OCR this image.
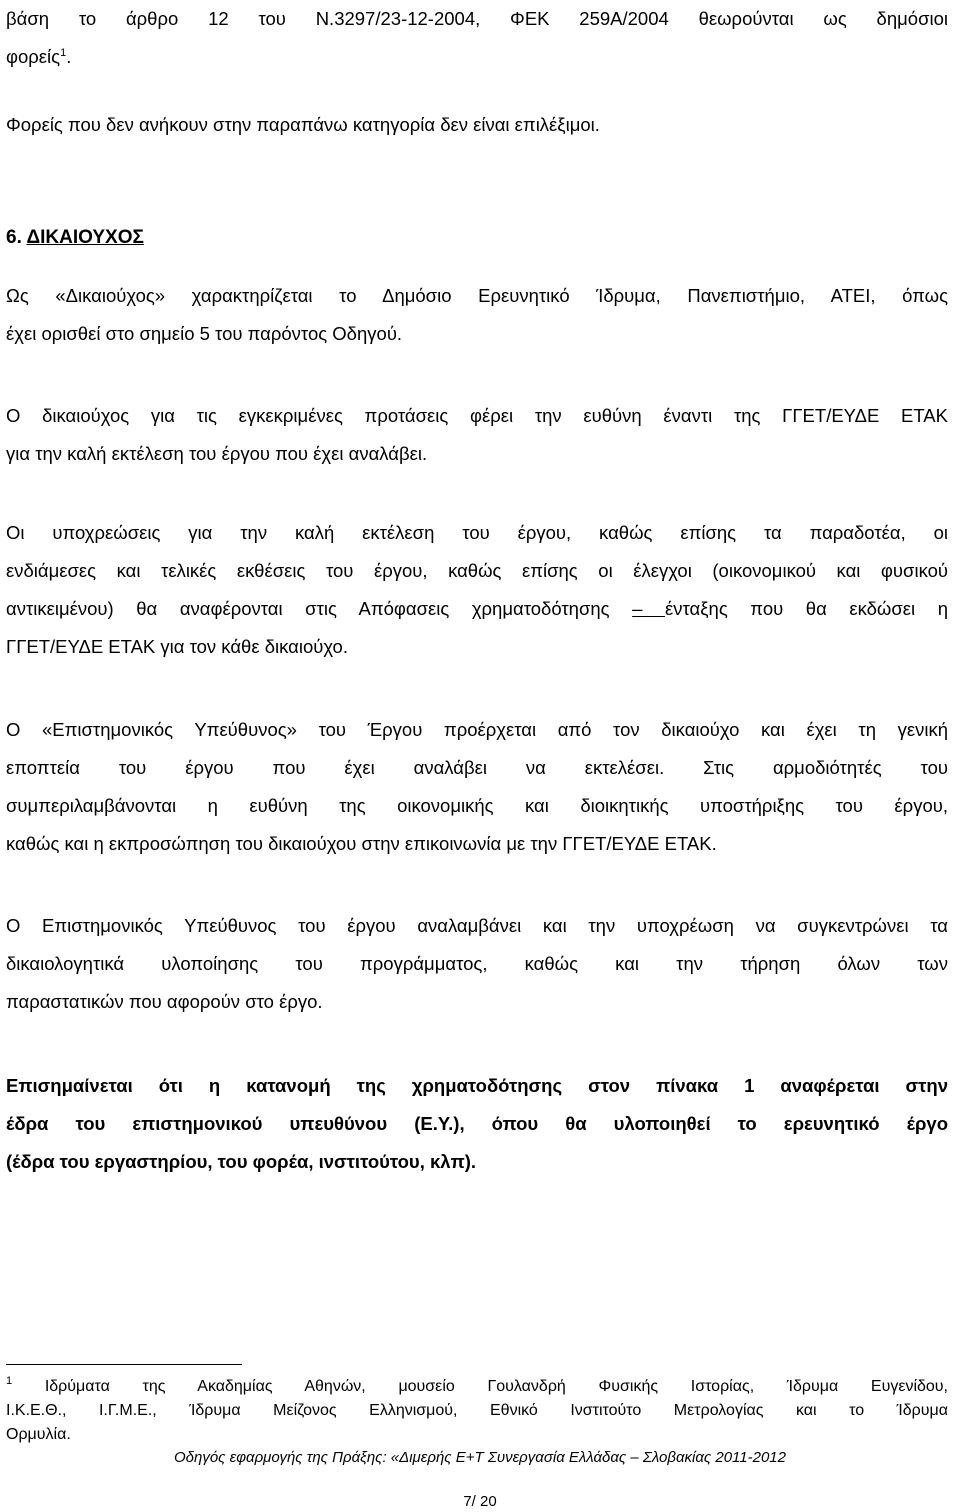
βάση το άρθρο 12 του Ν.3297/23-12-2004, ΦΕΚ 259Α/2004 θεωρούνται ως δημόσιοι
φορείς$^1$.
Φορείς που δεν ανήκουν στην παραπάνω κατηγορία δεν είναι επιλέξιμοι.
6. ΔΙΚΑΙΟΥΧΟΣ
Ως «Δικαιούχος» χαρακτηρίζεται το Δημόσιο Ερευνητικό Ίδρυμα, Πανεπιστήμιο, ΑΤΕΙ, όπως
έχει ορισθεί στο σημείο 5 του παρόντος Οδηγού.
Ο δικαιούχος για τις εγκεκριμένες προτάσεις φέρει την ευθύνη έναντι της ΓΓΕΤ/ΕΥΔΕ ΕΤΑΚ
για την καλή εκτέλεση του έργου που έχει αναλάβει.
Οι υποχρεώσεις για την καλή εκτέλεση του έργου, καθώς επίσης τα παραδοτέα, οι
ενδιάμεσες και τελικές εκθέσεις του έργου, καθώς επίσης οι έλεγχοι (οικονομικού και φυσικού
αντικειμένου) θα αναφέρονται στις Απόφασεις χρηματοδότησης – ένταξης που θα εκδώσει η
ΓΓΕΤ/ΕΥΔΕ ΕΤΑΚ για τον κάθε δικαιούχο.
Ο «Επιστημονικός Υπεύθυνος» του Έργου προέρχεται από τον δικαιούχο και έχει τη γενική
εποπτεία του έργου που έχει αναλάβει να εκτελέσει. Στις αρμοδιότητές του
συμπεριλαμβάνονται η ευθύνη της οικονομικής και διοικητικής υποστήριξης του έργου,
καθώς και η εκπροσώπηση του δικαιούχου στην επικοινωνία με την ΓΓΕΤ/ΕΥΔΕ ΕΤΑΚ.
Ο Επιστημονικός Υπεύθυνος του έργου αναλαμβάνει και την υποχρέωση να συγκεντρώνει τα
δικαιολογητικά υλοποίησης του προγράμματος, καθώς και την τήρηση όλων των
παραστατικών που αφορούν στο έργο.
Επισημαίνεται ότι η κατανομή της χρηματοδότησης στον πίνακα 1 αναφέρεται στην
έδρα του επιστημονικού υπευθύνου (Ε.Υ.), όπου θα υλοποιηθεί το ερευνητικό έργο
(έδρα του εργαστηρίου, του φορέα, ινστιτούτου, κλπ).
$^1$ Ιδρύματα της Ακαδημίας Αθηνών, μουσείο Γουλανδρή Φυσικής Ιστορίας, Ίδρυμα Ευγενίδου,
Ι.Κ.Ε.Θ., Ι.Γ.Μ.Ε., Ίδρυμα Μείζονος Ελληνισμού, Εθνικό Ινστιτούτο Μετρολογίας και το Ίδρυμα
Ορμυλία.
Οδηγός εφαρμογής της Πράξης: «Διμερής Ε+Τ Συνεργασία Ελλάδας – Σλοβακίας 2011-2012
7/ 20
